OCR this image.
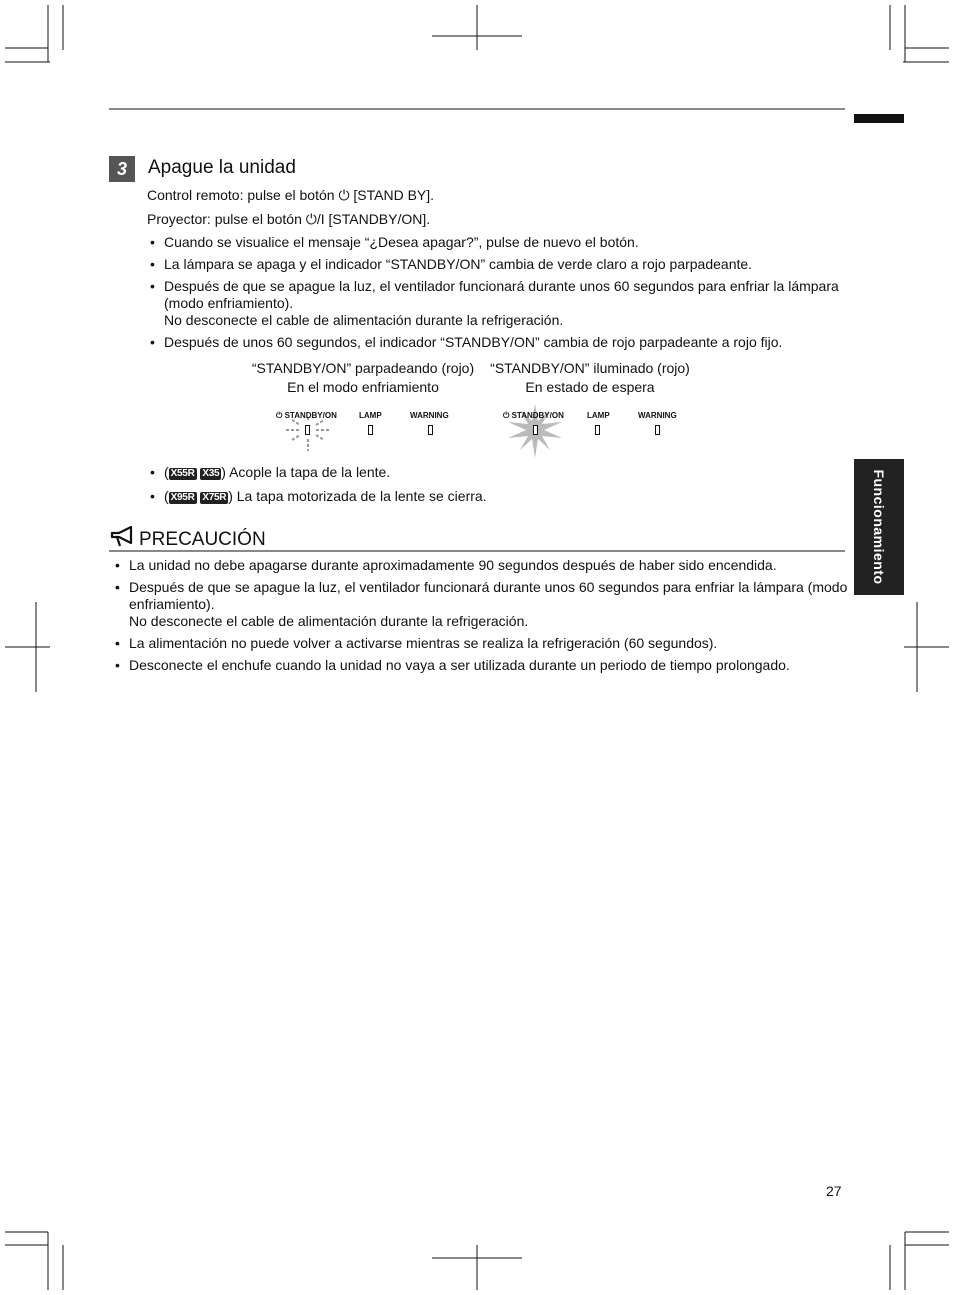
3	Apague la unidad
Control remoto: pulse el botón ⏻ [STAND BY].
Proyector: pulse el botón ⏻/I [STANDBY/ON].
• Cuando se visualice el mensaje “¿Desea apagar?”, pulse de nuevo el botón.
• La lámpara se apaga y el indicador “STANDBY/ON” cambia de verde claro a rojo parpadeante.
• Después de que se apague la luz, el ventilador funcionará durante unos 60 segundos para enfriar la lámpara
(modo enfriamiento).
No desconecte el cable de alimentación durante la refrigeración.
• Después de unos 60 segundos, el indicador “STANDBY/ON” cambia de rojo parpadeante a rojo fijo.
“STANDBY/ON” parpadeando (rojo)
En el modo enfriamiento
“STANDBY/ON” iluminado (rojo)
En estado de espera
⏻ STANDBY/ON	LAMP	WARNING	⏻ STANDBY/ON	LAMP	WARNING
• ( X55R X35 ) Acople la tapa de la lente.
• ( X95R X75R ) La tapa motorizada de la lente se cierra.
PRECAUCIÓN
• La unidad no debe apagarse durante aproximadamente 90 segundos después de haber sido encendida.
• Después de que se apague la luz, el ventilador funcionará durante unos 60 segundos para enfriar la lámpara (modo
enfriamiento).
No desconecte el cable de alimentación durante la refrigeración.
• La alimentación no puede volver a activarse mientras se realiza la refrigeración (60 segundos).
• Desconecte el enchufe cuando la unidad no vaya a ser utilizada durante un periodo de tiempo prolongado.
Funcionamiento
27
